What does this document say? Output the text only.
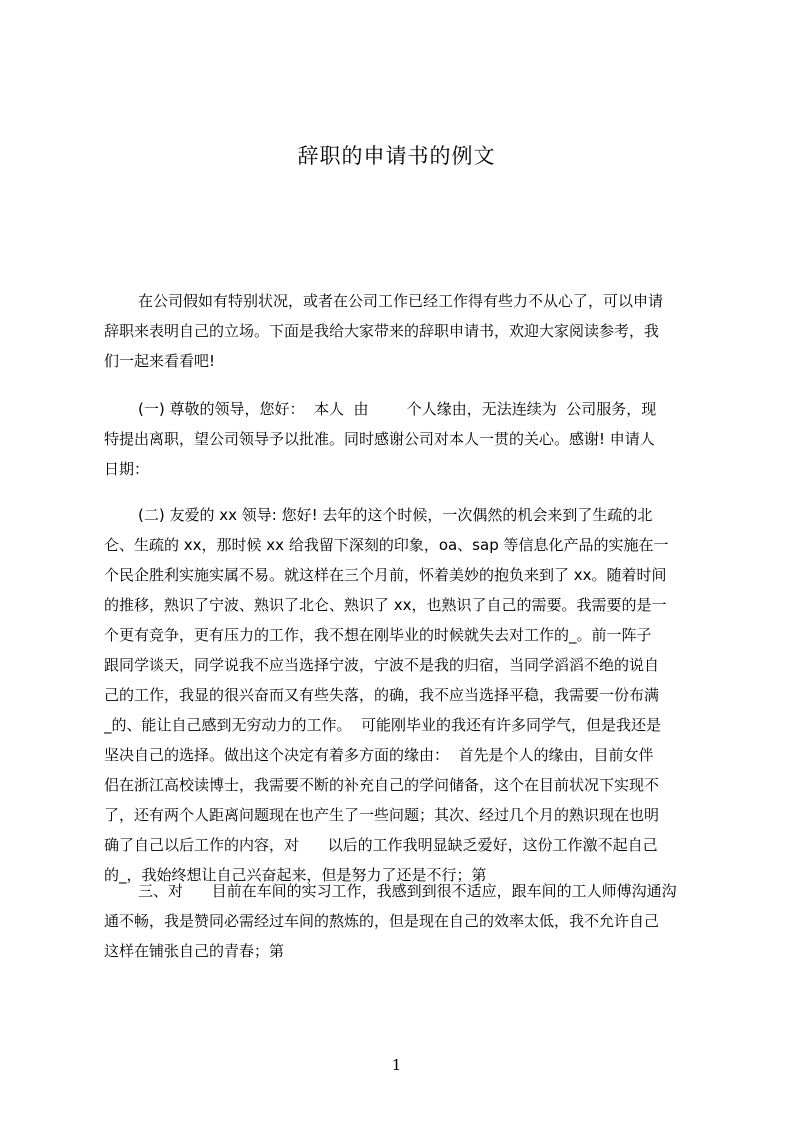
辞职的申请书的例文
在公司假如有特别状况，或者在公司工作已经工作得有些力不从心了，可以申请
辞职来表明自己的立场。下面是我给大家带来的辞职申请书，欢迎大家阅读参考，我
们一起来看看吧!
(一) 尊敬的领导，您好：  本人  由        个人缘由，无法连续为  公司服务，现
特提出离职，望公司领导予以批准。同时感谢公司对本人一贯的关心。感谢! 申请人
日期：
(二) 友爱的 xx 领导: 您好! 去年的这个时候，一次偶然的机会来到了生疏的北
仑、生疏的 xx，那时候 xx 给我留下深刻的印象，oa、sap 等信息化产品的实施在一
个民企胜利实施实属不易。就这样在三个月前，怀着美妙的抱负来到了 xx。随着时间
的推移，熟识了宁波、熟识了北仑、熟识了 xx，也熟识了自己的需要。我需要的是一
个更有竞争，更有压力的工作，我不想在刚毕业的时候就失去对工作的_。前一阵子
跟同学谈天，同学说我不应当选择宁波，宁波不是我的归宿，当同学滔滔不绝的说自
己的工作，我显的很兴奋而又有些失落，的确，我不应当选择平稳，我需要一份布满
_的、能让自己感到无穷动力的工作。  可能刚毕业的我还有许多同学气，但是我还是
坚决自己的选择。做出这个决定有着多方面的缘由：  首先是个人的缘由，目前女伴
侣在浙江高校读博士，我需要不断的补充自己的学问储备，这个在目前状况下实现不
了，还有两个人距离问题现在也产生了一些问题；其次、经过几个月的熟识现在也明
确了自己以后工作的内容，对      以后的工作我明显缺乏爱好，这份工作激不起自己
的_，我始终想让自己兴奋起来，但是努力了还是不行；第
三、对      目前在车间的实习工作，我感到到很不适应，跟车间的工人师傅沟通沟
通不畅，我是赞同必需经过车间的熬炼的，但是现在自己的效率太低，我不允许自己
这样在铺张自己的青春；第
1
